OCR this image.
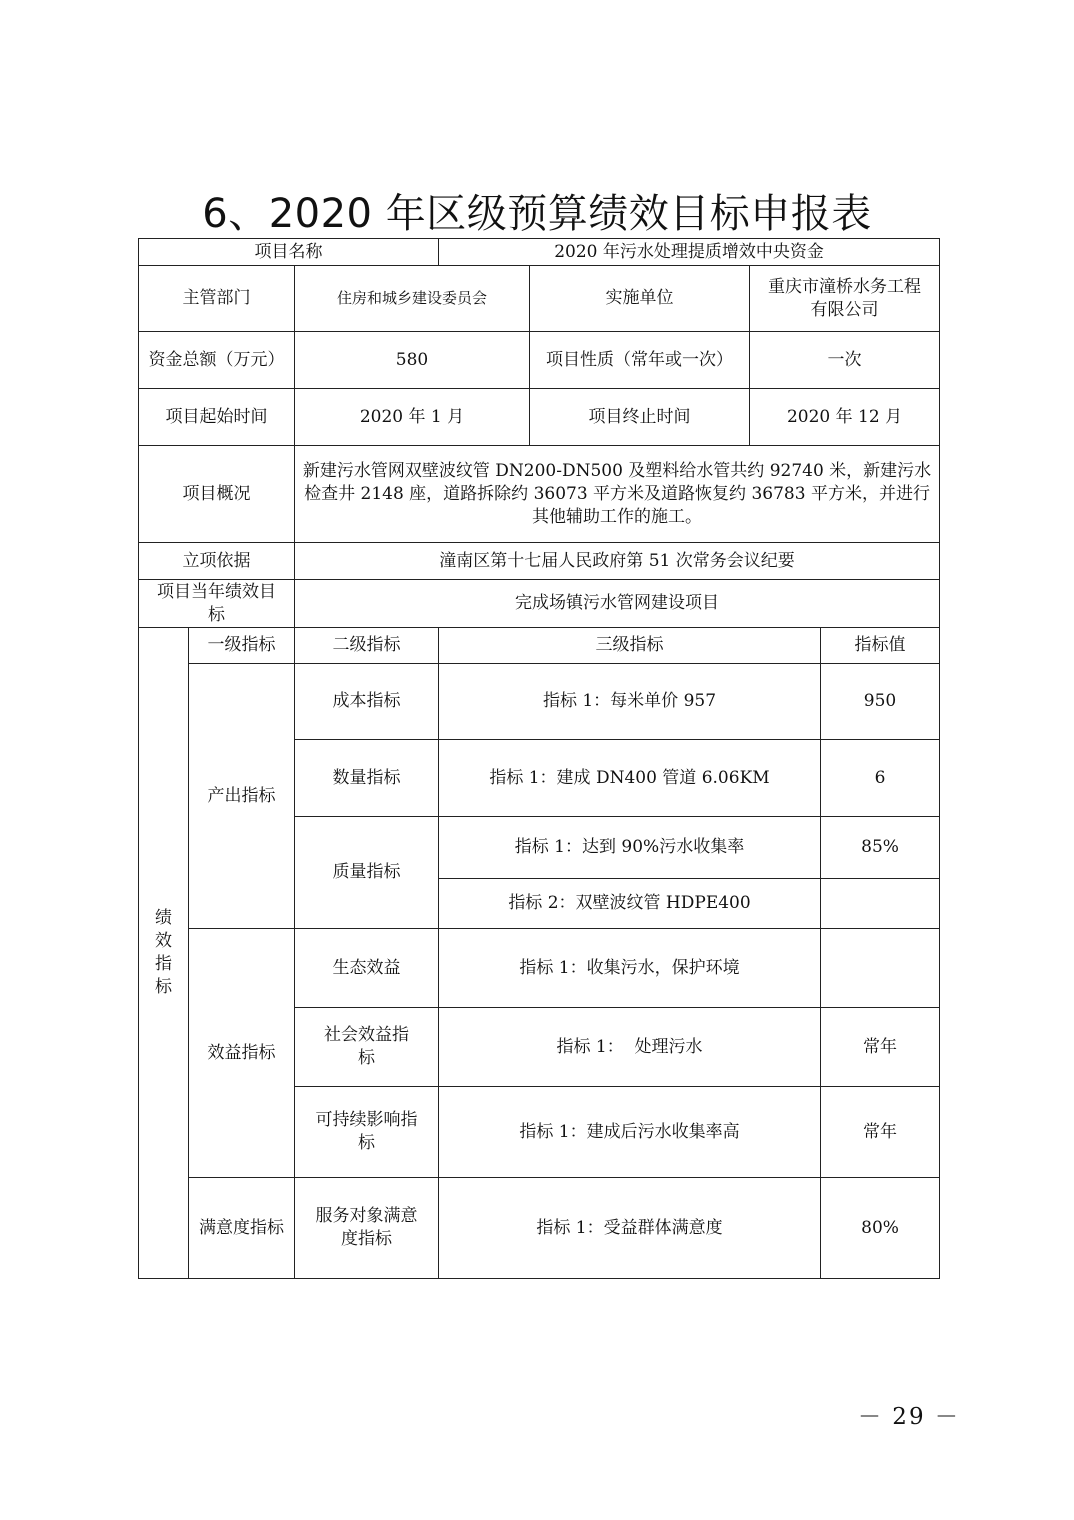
6、2020 年区级预算绩效目标申报表
项目名称			2020 年污水处理提质增效中央资金			
主管部门		住房和城乡建设委员会		实施单位	重庆市潼桥水务工程有限公司	
资金总额（万元）		580		项目性质（常年或一次）	一次	
项目起始时间		2020 年 1 月		项目终止时间	2020 年 12 月	
项目概况		新建污水管网双壁波纹管 DN200-DN500 及塑料给水管共约 92740 米，新建污水检查井 2148 座，道路拆除约 36073 平方米及道路恢复约 36783 平方米，并进行其他辅助工作的施工。				
立项依据		潼南区第十七届人民政府第 51 次常务会议纪要				
项目当年绩效目标		完成场镇污水管网建设项目				
绩效指标	一级指标	二级指标	三级指标			指标值
	产出指标	成本指标	指标 1：每米单价 957			950
		数量指标	指标 1：建成 DN400 管道 6.06KM			6
		质量指标	指标 1：达到 90%污水收集率			85%
			指标 2：双壁波纹管 HDPE400			
	效益指标	生态效益	指标 1：收集污水，保护环境			
		社会效益指标	指标 1：  处理污水			常年
		可持续影响指标	指标 1：建成后污水收集率高			常年
	满意度指标	服务对象满意度指标	指标 1：受益群体满意度			80%
－ 29 －
